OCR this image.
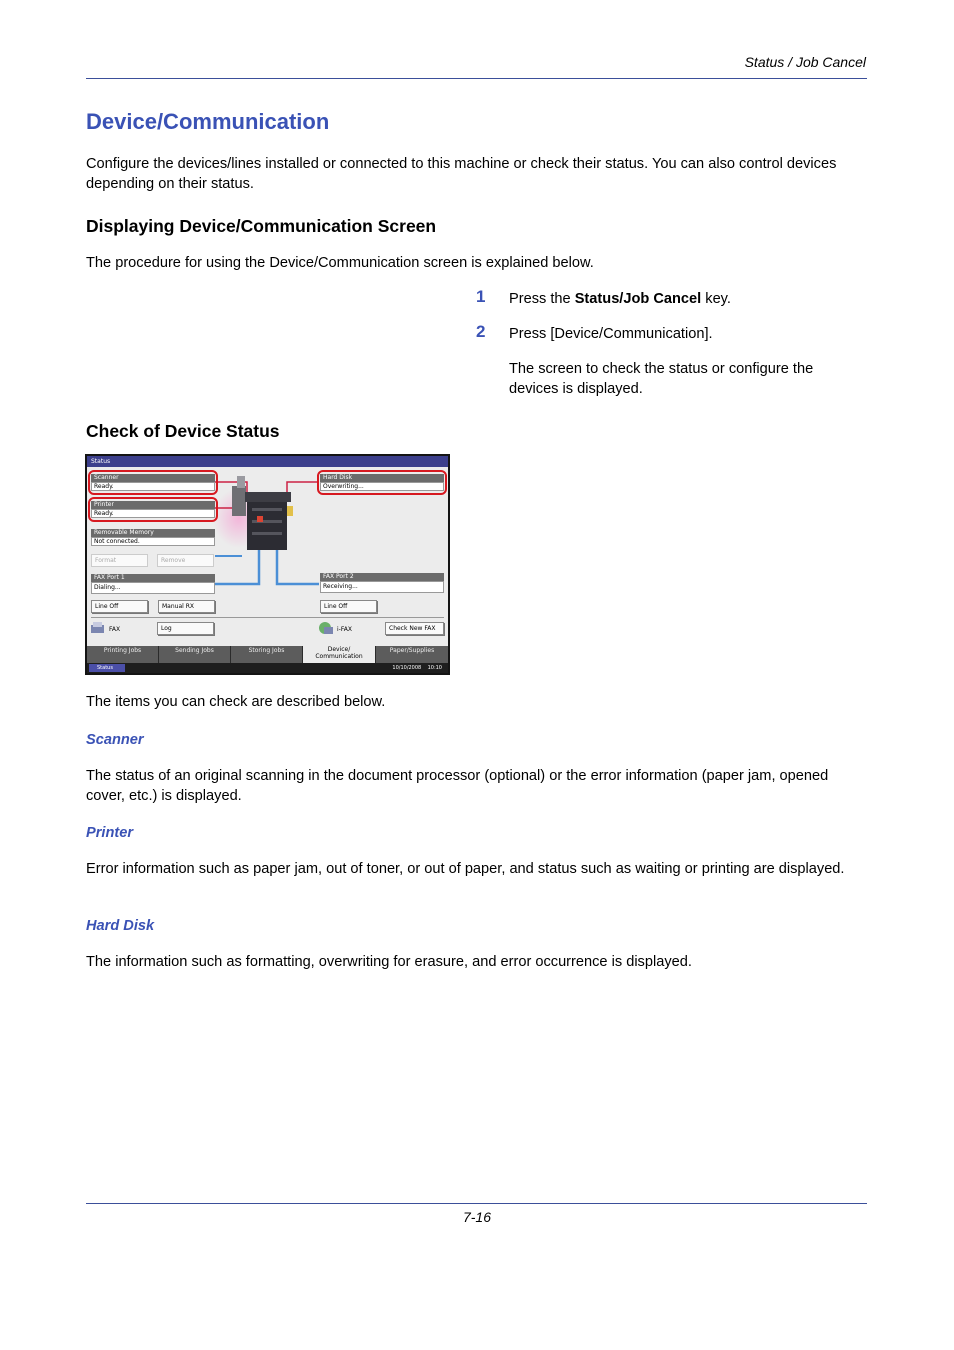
Status / Job Cancel
Device/Communication
Configure the devices/lines installed or connected to this machine or check their status. You can also control devices depending on their status.
Displaying Device/Communication Screen
The procedure for using the Device/Communication screen is explained below.
1 Press the Status/Job Cancel key.
2 Press [Device/Communication].
The screen to check the status or configure the devices is displayed.
Check of Device Status
Status
Scanner
Ready.
Printer
Ready.
Removable Memory
Not connected.
Format	Remove
Hard Disk
Overwriting...
FAX Port 1
Dialing...
Line Off	Manual RX
FAX Port 2
Receiving...
Line Off
FAX	Log	i-FAX	Check New FAX
Printing Jobs	Sending Jobs	Storing Jobs	Device/
Communication
Paper/Supplies
Status	10/10/2008    10:10
The items you can check are described below.
Scanner
The status of an original scanning in the document processor (optional) or the error information (paper jam, opened cover, etc.) is displayed.
Printer
Error information such as paper jam, out of toner, or out of paper, and status such as waiting or printing are displayed.
Hard Disk
The information such as formatting, overwriting for erasure, and error occurrence is displayed.
7-16
